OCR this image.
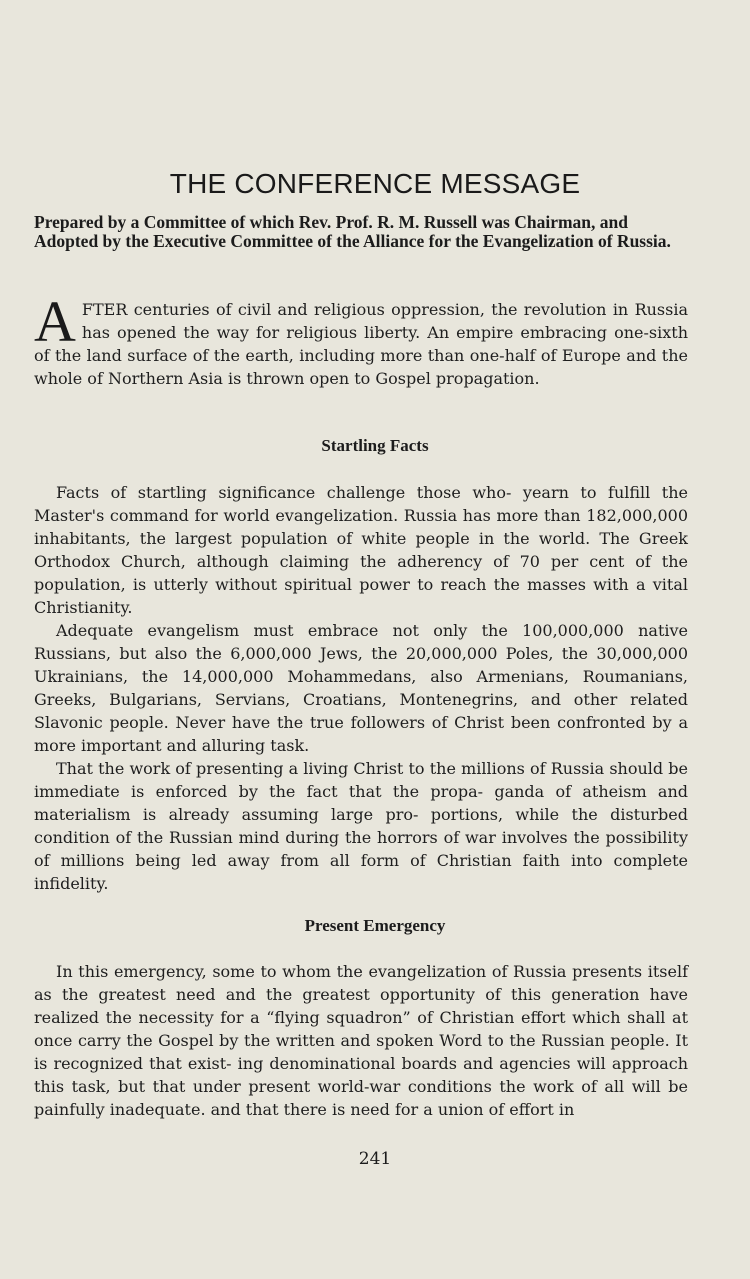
THE CONFERENCE MESSAGE
Prepared by a Committee of which Rev. Prof. R. M. Russell was Chairman, and Adopted by the Executive Committee of the Alliance for the Evangelization of Russia.
AFTER centuries of civil and religious oppression, the revolution in Russia has opened the way for religious liberty. An empire embracing one-sixth of the land surface of the earth, including more than one-half of Europe and the whole of Northern Asia is thrown open to Gospel propagation.
Startling Facts

Facts of startling significance challenge those who- yearn to fulfill the Master's command for world evangelization. Russia has more than 182,000,000 inhabitants, the largest population of white people in the world. The Greek Orthodox Church, although claiming the adherency of 70 per cent of the population, is utterly without spiritual power to reach the masses with a vital Christianity.

Adequate evangelism must embrace not only the 100,000,000 native Russians, but also the 6,000,000 Jews, the 20,000,000 Poles, the 30,000,000 Ukrainians, the 14,000,000 Mohammedans, also Armenians, Roumanians, Greeks, Bulgarians, Servians, Croatians, Montenegrins, and other related Slavonic people. Never have the true followers of Christ been confronted by a more important and alluring task.

That the work of presenting a living Christ to the millions of Russia should be immediate is enforced by the fact that the propa- ganda of atheism and materialism is already assuming large pro- portions, while the disturbed condition of the Russian mind during the horrors of war involves the possibility of millions being led away from all form of Christian faith into complete infidelity.

Present Emergency

In this emergency, some to whom the evangelization of Russia presents itself as the greatest need and the greatest opportunity of this generation have realized the necessity for a “flying squadron” of Christian effort which shall at once carry the Gospel by the written and spoken Word to the Russian people. It is recognized that exist- ing denominational boards and agencies will approach this task, but that under present world-war conditions the work of all will be painfully inadequate. and that there is need for a union of effort in

241
